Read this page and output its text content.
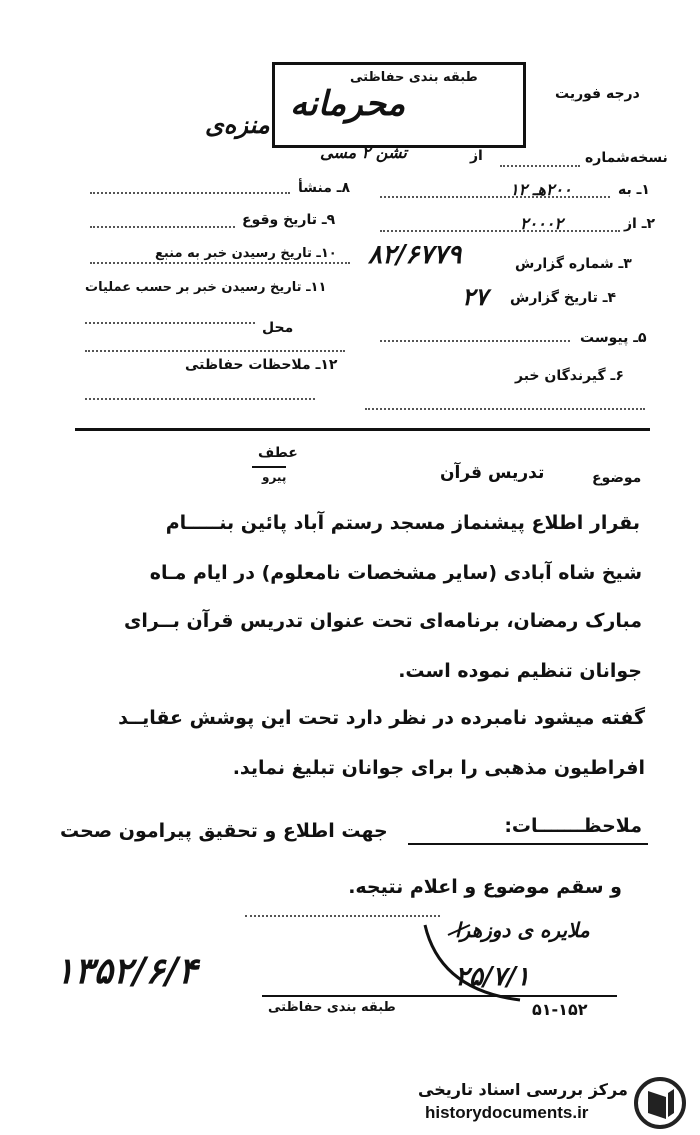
طبقه بندی حفاظتی
محرمانه	درجه فوریت
منزه‌ی
نسخه‌شماره
از
تشن ۲ مسی
۱ـ به
۲۰۰هـ ۱۲
۲ـ از
۲۰۰۰۲
۳ـ شماره گزارش
۸۲/۶۷۷۹
۴ـ تاریخ گزارش
۲۷
۵ـ پیوست
۶ـ گیرندگان خبر
۸ـ منشأ
۹ـ تاریخ وقوع
۱۰ـ تاریخ رسیدن خبر به منبع
۱۱ـ تاریخ رسیدن خبر بر حسب عملیات
محل
۱۲ـ ملاحظات حفاظتی
عطف
پیرو	موضوع
تدریس قرآن
بقرار اطلاع پیشنماز مسجد رستم آباد پائین بنـــــام
شیخ شاه آبادی (سایر مشخصات نامعلوم) در ایام مـاه
مبارک رمضان، برنامه‌ای تحت عنوان تدریس قرآن بــرای
جوانان تنظیم نموده است.
گفته میشود نامبرده در نظر دارد تحت این پوشش عقایــد
افراطیون مذهبی را برای جوانان تبلیغ نماید.
ملاحظـــــــات:
جهت اطلاع و تحقیق پیرامون صحت
و سقم موضوع و اعلام نتیجه.
ملایره ی دوزهرا
۲۵/۷/۱
۱۳۵۲/۶/۴
طبقه بندی حفاظتی	۵۱-۱۵۲
مرکز بررسی اسناد تاریخی
historydocuments.ir
